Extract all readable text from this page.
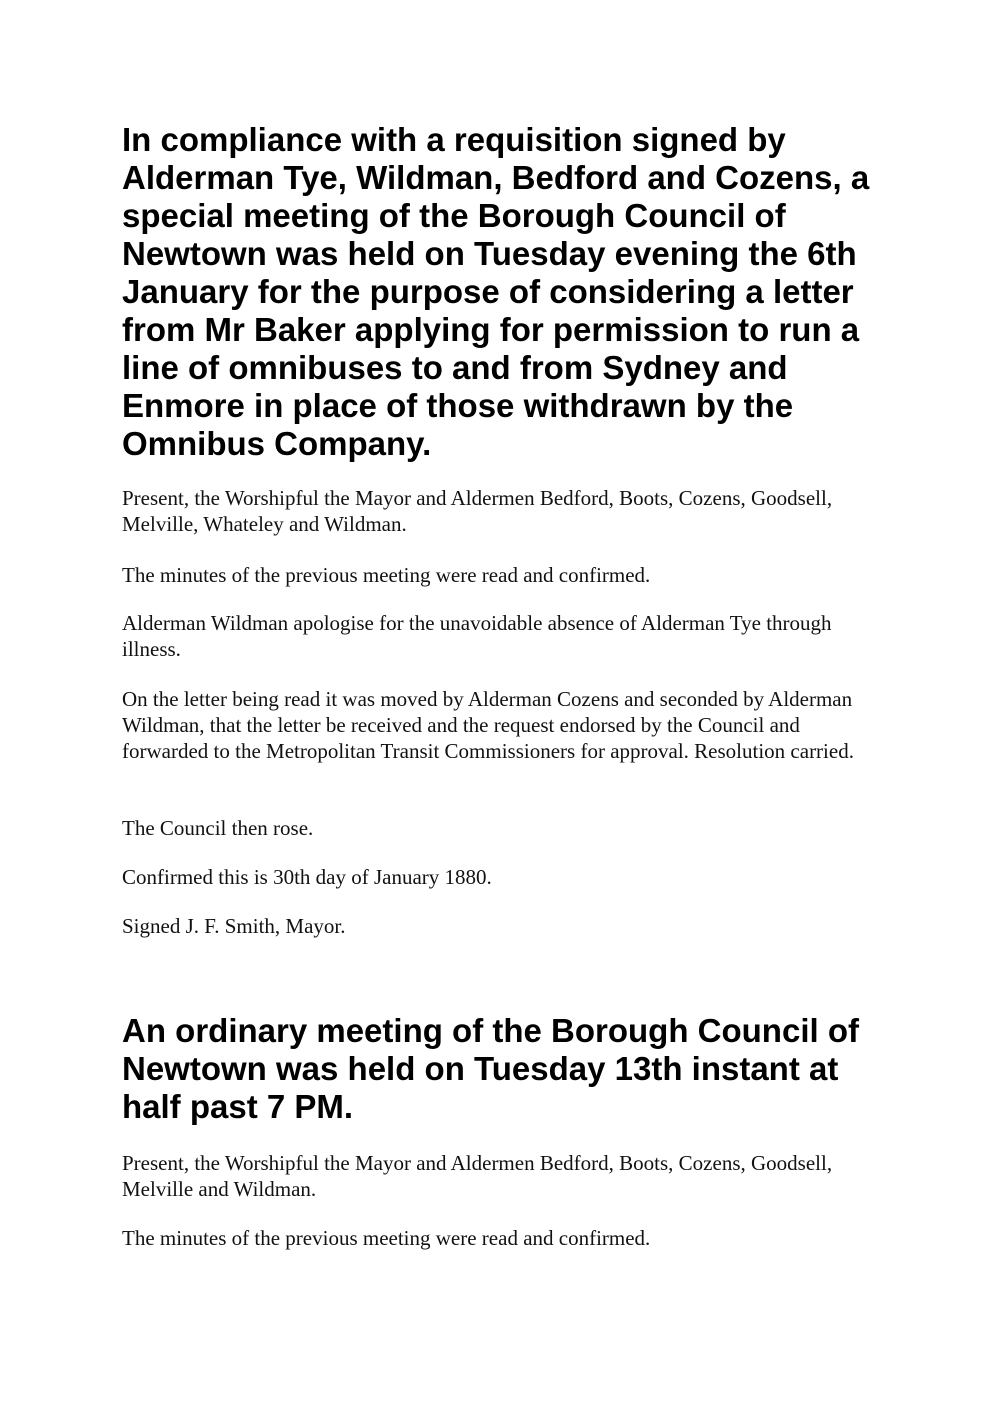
In compliance with a requisition signed by Alderman Tye, Wildman, Bedford and Cozens, a special meeting of the Borough Council of Newtown was held on Tuesday evening the 6th January for the purpose of considering a letter from Mr Baker applying for permission to run a line of omnibuses to and from Sydney and Enmore in place of those withdrawn by the Omnibus Company.

Present, the Worshipful the Mayor and Aldermen Bedford, Boots, Cozens, Goodsell, Melville, Whateley and Wildman.

The minutes of the previous meeting were read and confirmed.

Alderman Wildman apologise for the unavoidable absence of Alderman Tye through illness.

On the letter being read it was moved by Alderman Cozens and seconded by Alderman Wildman, that the letter be received and the request endorsed by the Council and forwarded to the Metropolitan Transit Commissioners for approval. Resolution carried.

The Council then rose.

Confirmed this is 30th day of January 1880.

Signed J. F. Smith, Mayor.

An ordinary meeting of the Borough Council of Newtown was held on Tuesday 13th instant at half past 7 PM.

Present, the Worshipful the Mayor and Aldermen Bedford, Boots, Cozens, Goodsell, Melville and Wildman.

The minutes of the previous meeting were read and confirmed.
